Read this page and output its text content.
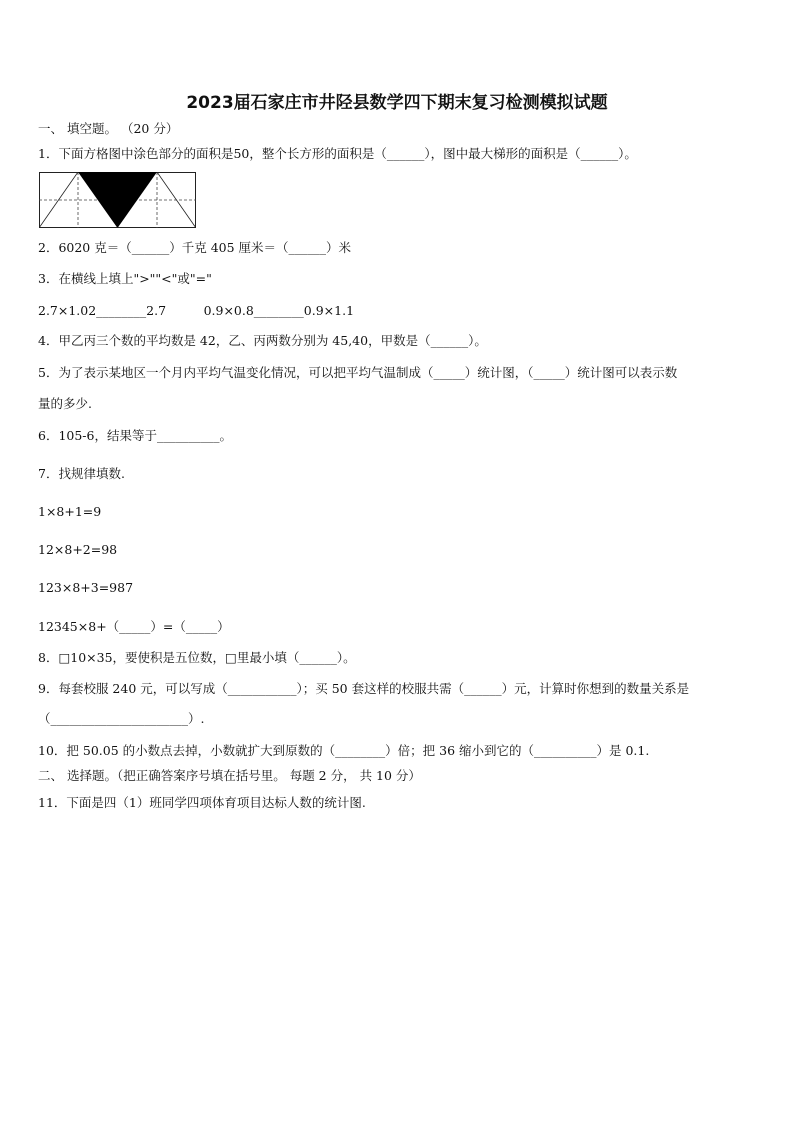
2023届石家庄市井陉县数学四下期末复习检测模拟试题
一、 填空题。 （20 分）
1．下面方格图中涂色部分的面积是50，整个长方形的面积是（______），图中最大梯形的面积是（______）。
2．6020 克＝（______）千克 405 厘米＝（______）米
3．在横线上填上">""<"或"="
2.7×1.02________2.7　　　0.9×0.8________0.9×1.1
4．甲乙丙三个数的平均数是 42，乙、丙两数分别为 45,40，甲数是（______）。
5．为了表示某地区一个月内平均气温变化情况，可以把平均气温制成（_____）统计图，（_____）统计图可以表示数
量的多少.
6．105-6，结果等于__________。
7．找规律填数.
1×8+1=9
12×8+2=98
123×8+3=987
12345×8+（_____）=（_____）
8．□10×35，要使积是五位数，□里最小填（______）。
9．每套校服 240 元，可以写成（___________）；买 50 套这样的校服共需（______）元，计算时你想到的数量关系是
（______________________）.
10．把 50.05 的小数点去掉，小数就扩大到原数的（________）倍；把 36 缩小到它的（__________）是 0.1.
二、 选择题。（把正确答案序号填在括号里。 每题 2 分， 共 10 分）
11．下面是四（1）班同学四项体育项目达标人数的统计图.
